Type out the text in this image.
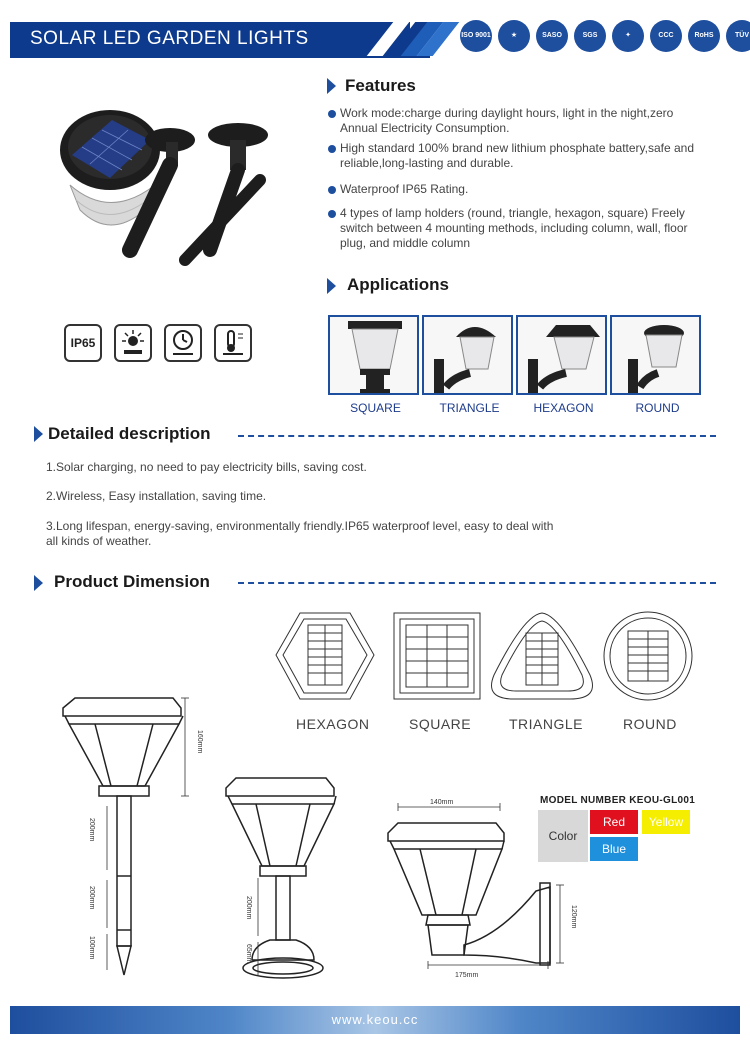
SOLAR LED GARDEN LIGHTS	ISO 9001	★	SASO	SGS	✦	CCC	RoHS	TÜV
IP65
Features
Work mode:charge during daylight hours, light in the night,zero Annual Electricity Consumption.
High standard 100% brand new lithium phosphate battery,safe and reliable,long-lasting and durable.
Waterproof IP65 Rating.
4 types of lamp holders (round, triangle, hexagon, square) Freely switch between 4 mounting methods, including column, wall, floor plug, and middle column
Applications
SQUARE	TRIANGLE	HEXAGON	ROUND
Detailed description
1.Solar charging, no need to pay electricity bills, saving cost.
2.Wireless, Easy installation, saving time.
3.Long lifespan, energy-saving, environmentally friendly.IP65 waterproof level, easy to deal with all kinds of weather.
Product Dimension
HEXAGON	SQUARE	TRIANGLE	ROUND
160mm
200mm
200mm
100mm
200mm
65mm
140mm
175mm
120mm
MODEL NUMBER KEOU-GL001
Color
Red	Yellow
Blue
www.keou.cc
